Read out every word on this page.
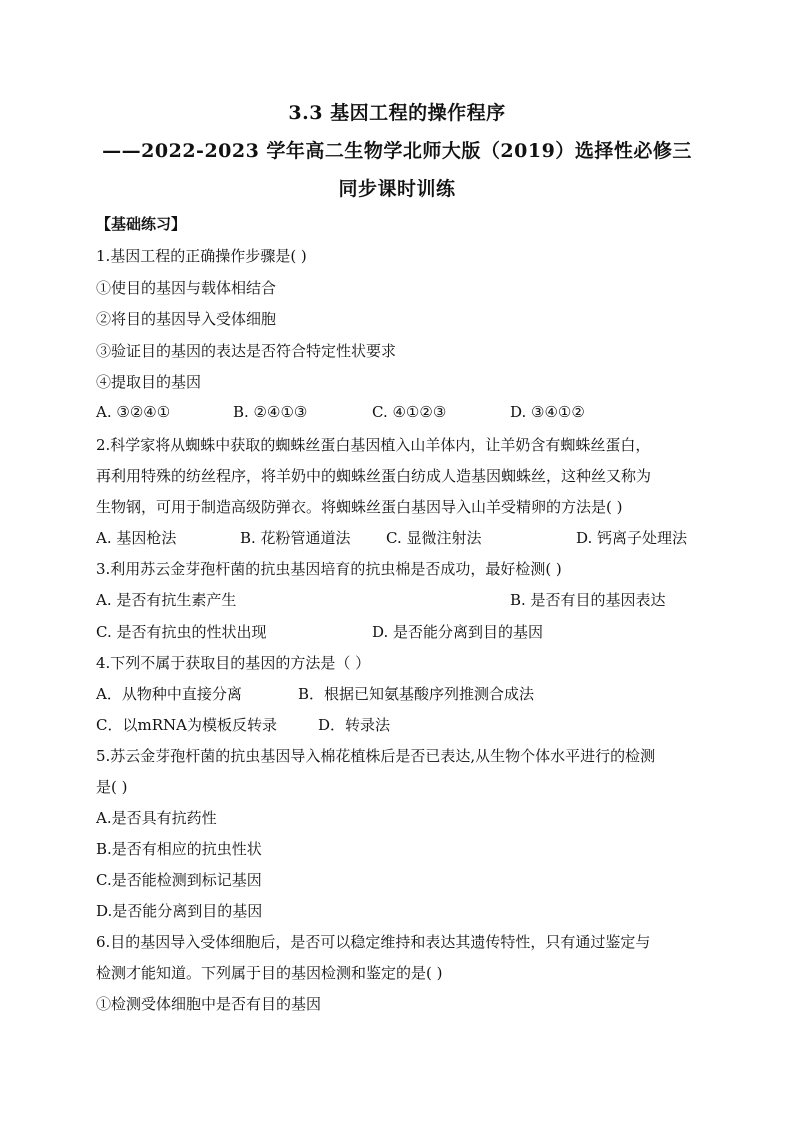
3.3 基因工程的操作程序
——2022-2023 学年高二生物学北师大版（2019）选择性必修三
同步课时训练
【基础练习】
1.基因工程的正确操作步骤是( )
①使目的基因与载体相结合
②将目的基因导入受体细胞
③验证目的基因的表达是否符合特定性状要求
④提取目的基因
A. ③②④①	B. ②④①③	C. ④①②③	D. ③④①②
2.科学家将从蜘蛛中获取的蜘蛛丝蛋白基因植入山羊体内，让羊奶含有蜘蛛丝蛋白，
再利用特殊的纺丝程序，将羊奶中的蜘蛛丝蛋白纺成人造基因蜘蛛丝，这种丝又称为
生物钢，可用于制造高级防弹衣。将蜘蛛丝蛋白基因导入山羊受精卵的方法是( )
A. 基因枪法	B. 花粉管通道法 C. 显微注射法	D. 钙离子处理法
3.利用苏云金芽孢杆菌的抗虫基因培育的抗虫棉是否成功，最好检测( )
A. 是否有抗生素产生	B. 是否有目的基因表达
C. 是否有抗虫的性状出现	D. 是否能分离到目的基因
4.下列不属于获取目的基因的方法是（ ）
A．从物种中直接分离	B．根据已知氨基酸序列推测合成法
C．以mRNA为模板反转录	D．转录法
5.苏云金芽孢杆菌的抗虫基因导入棉花植株后是否已表达,从生物个体水平进行的检测
是( )
A.是否具有抗药性
B.是否有相应的抗虫性状
C.是否能检测到标记基因
D.是否能分离到目的基因
6.目的基因导入受体细胞后，是否可以稳定维持和表达其遗传特性，只有通过鉴定与
检测才能知道。下列属于目的基因检测和鉴定的是( )
①检测受体细胞中是否有目的基因
